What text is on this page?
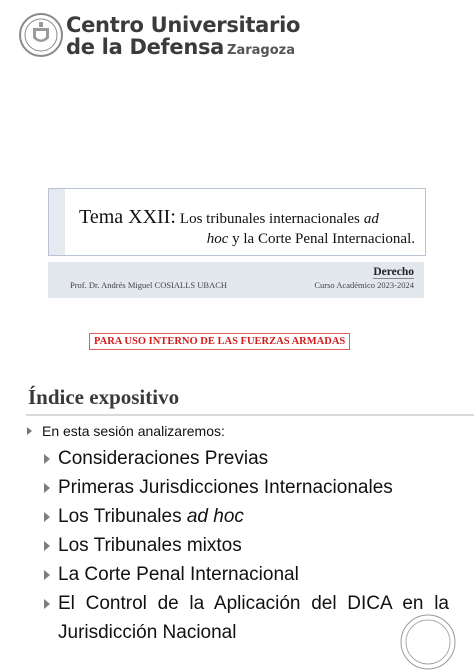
Centro Universitario
de la Defensa Zaragoza
Tema XXII: Los tribunales internacionales ad
hoc y la Corte Penal Internacional.
Derecho
Prof. Dr. Andrés Miguel COSIALLS UBACH	Curso Académico 2023-2024
PARA USO INTERNO DE LAS FUERZAS ARMADAS
Índice expositivo
En esta sesión analizaremos:
Consideraciones Previas
Primeras Jurisdicciones Internacionales
Los Tribunales ad hoc
Los Tribunales mixtos
La Corte Penal Internacional
El Control de la Aplicación del DICA en la Jurisdicción Nacional
